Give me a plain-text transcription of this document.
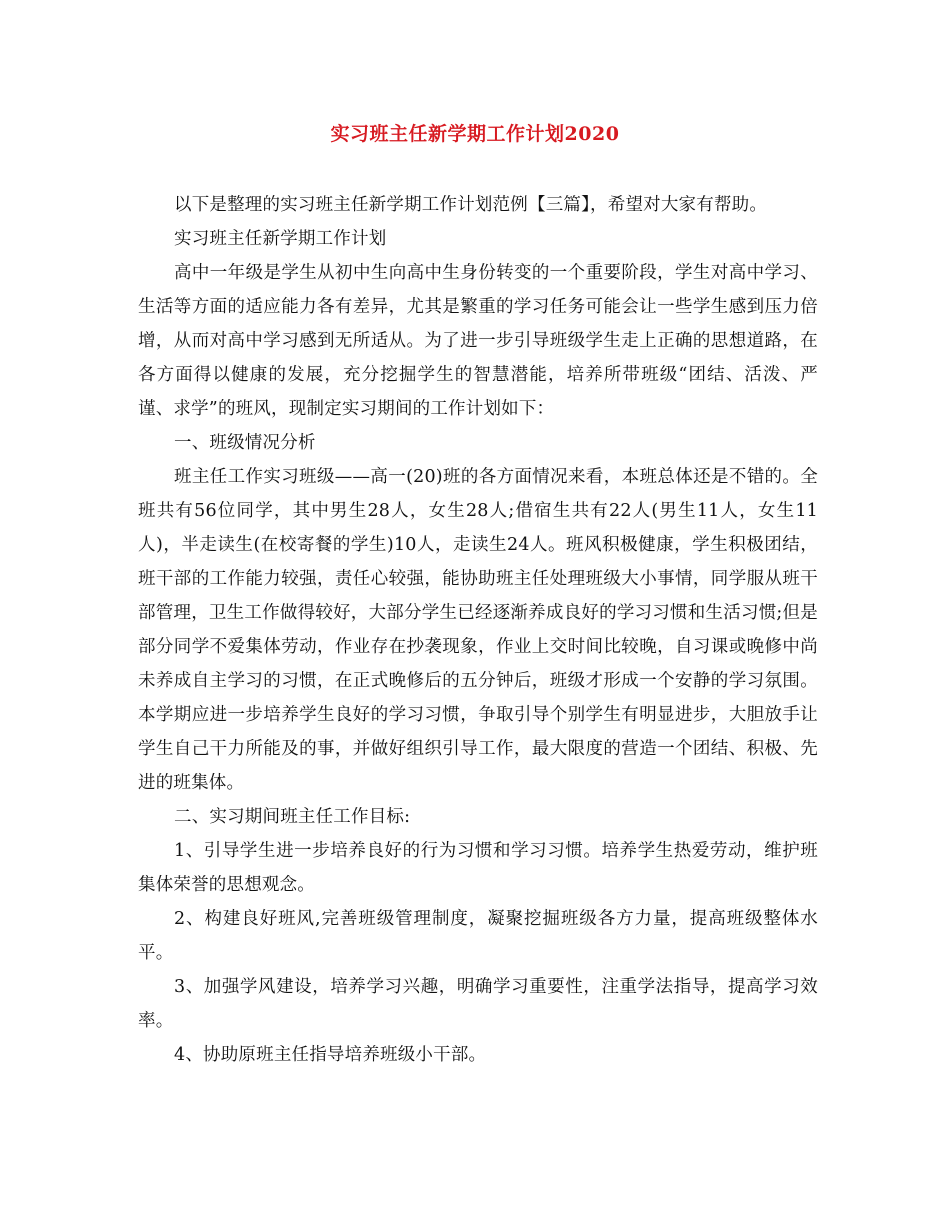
实习班主任新学期工作计划2020

以下是整理的实习班主任新学期工作计划范例【三篇】，希望对大家有帮助。

实习班主任新学期工作计划

高中一年级是学生从初中生向高中生身份转变的一个重要阶段，学生对高中学习、生活等方面的适应能力各有差异，尤其是繁重的学习任务可能会让一些学生感到压力倍增，从而对高中学习感到无所适从。为了进一步引导班级学生走上正确的思想道路，在各方面得以健康的发展，充分挖掘学生的智慧潜能，培养所带班级“团结、活泼、严谨、求学”的班风，现制定实习期间的工作计划如下：

一、班级情况分析

班主任工作实习班级——高一(20)班的各方面情况来看，本班总体还是不错的。全班共有56位同学，其中男生28人，女生28人;借宿生共有22人(男生11人，女生11人)，半走读生(在校寄餐的学生)10人，走读生24人。班风积极健康，学生积极团结，班干部的工作能力较强，责任心较强，能协助班主任处理班级大小事情，同学服从班干部管理，卫生工作做得较好，大部分学生已经逐渐养成良好的学习习惯和生活习惯;但是部分同学不爱集体劳动，作业存在抄袭现象，作业上交时间比较晚，自习课或晚修中尚未养成自主学习的习惯，在正式晚修后的五分钟后，班级才形成一个安静的学习氛围。本学期应进一步培养学生良好的学习习惯，争取引导个别学生有明显进步，大胆放手让学生自己干力所能及的事，并做好组织引导工作，最大限度的营造一个团结、积极、先进的班集体。

二、实习期间班主任工作目标:

1、引导学生进一步培养良好的行为习惯和学习习惯。培养学生热爱劳动，维护班集体荣誉的思想观念。

2、构建良好班风,完善班级管理制度，凝聚挖掘班级各方力量，提高班级整体水平。

3、加强学风建设，培养学习兴趣，明确学习重要性，注重学法指导，提高学习效率。

4、协助原班主任指导培养班级小干部。
